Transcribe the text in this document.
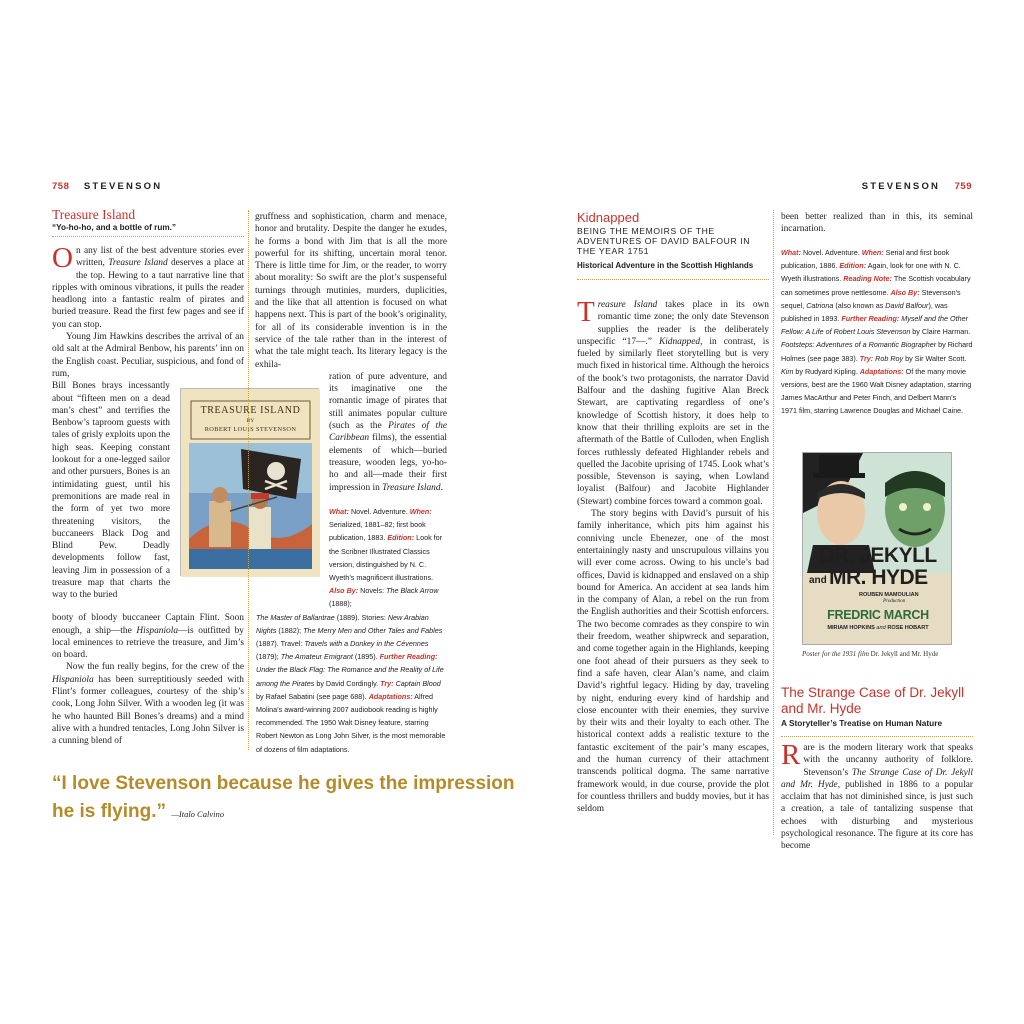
758 STEVENSON	STEVENSON 759
Treasure Island
“Yo-ho-ho, and a bottle of rum.”

On any list of the best adventure stories ever written, Treasure Island deserves a place at the top. Hewing to a taut narrative line that ripples with ominous vibrations, it pulls the reader headlong into a fantastic realm of pirates and buried treasure. Read the first few pages and see if you can stop.

Young Jim Hawkins describes the arrival of an old salt at the Admiral Benbow, his parents’ inn on the English coast. Peculiar, suspicious, and fond of rum,

Bill Bones brays incessantly about “fifteen men on a dead man’s chest” and terrifies the Benbow’s taproom guests with tales of grisly exploits upon the high seas. Keeping constant lookout for a one-legged sailor and other pursuers, Bones is an intimidating guest, until his premonitions are made real in the form of yet two more threatening visitors, the buccaneers Black Dog and Blind Pew. Deadly developments follow fast, leaving Jim in possession of a treasure map that charts the way to the buried

booty of bloody buccaneer Captain Flint. Soon enough, a ship—the Hispaniola—is outfitted by local eminences to retrieve the treasure, and Jim’s on board.

Now the fun really begins, for the crew of the Hispaniola has been surreptitiously seeded with Flint’s former colleagues, courtesy of the ship’s cook, Long John Silver. With a wooden leg (it was he who haunted Bill Bones’s dreams) and a mind alive with a hundred tentacles, Long John Silver is a cunning blend of

TREASURE ISLAND
BY
ROBERT LOUIS STEVENSON

gruffness and sophistication, charm and menace, honor and brutality. Despite the danger he exudes, he forms a bond with Jim that is all the more powerful for its shifting, uncertain moral tenor. There is little time for Jim, or the reader, to worry about morality: So swift are the plot’s suspenseful turnings through mutinies, murders, duplicities, and the like that all attention is focused on what happens next. This is part of the book’s originality, for all of its considerable invention is in the service of the tale rather than in the interest of what the tale might teach. Its literary legacy is the exhila-

ration of pure adventure, and its imaginative one the romantic image of pirates that still animates popular culture (such as the Pirates of the Caribbean films), the essential elements of which—buried treasure, wooden legs, yo-ho-ho and all—made their first impression in Treasure Island.

What: Novel. Adventure. When: Serialized, 1881–82; first book publication, 1883. Edition: Look for the Scribner Illustrated Classics version, distinguished by N. C. Wyeth’s magnificent illustrations. Also By: Novels: The Black Arrow (1888);
The Master of Ballantrae (1889). Stories: New Arabian Nights (1882); The Merry Men and Other Tales and Fables (1887). Travel: Travels with a Donkey in the Cévennes (1879); The Amateur Emigrant (1895). Further Reading: Under the Black Flag: The Romance and the Reality of Life among the Pirates by David Cordingly. Try: Captain Blood by Rafael Sabatini (see page 688). Adaptations: Alfred Molina’s award-winning 2007 audiobook reading is highly recommended. The 1950 Walt Disney feature, starring Robert Newton as Long John Silver, is the most memorable of dozens of film adaptations.
“I love Stevenson because he gives the impression he is flying.” —Italo Calvino
Kidnapped
BEING THE MEMOIRS OF THE ADVENTURES OF DAVID BALFOUR IN THE YEAR 1751
Historical Adventure in the Scottish Highlands

Treasure Island takes place in its own romantic time zone; the only date Stevenson supplies the reader is the deliberately unspecific “17—.” Kidnapped, in contrast, is fueled by similarly fleet storytelling but is very much fixed in historical time. Although the heroics of the book’s two protagonists, the narrator David Balfour and the dashing fugitive Alan Breck Stewart, are captivating regardless of one’s knowledge of Scottish history, it does help to know that their thrilling exploits are set in the aftermath of the Battle of Culloden, when English forces ruthlessly defeated Highlander rebels and quelled the Jacobite uprising of 1745. Look what’s possible, Stevenson is saying, when Lowland loyalist (Balfour) and Jacobite Highlander (Stewart) combine forces toward a common goal.

The story begins with David’s pursuit of his family inheritance, which pits him against his conniving uncle Ebenezer, one of the most entertainingly nasty and unscrupulous villains you will ever come across. Owing to his uncle’s bad offices, David is kidnapped and enslaved on a ship bound for America. An accident at sea lands him in the company of Alan, a rebel on the run from the English authorities and their Scottish enforcers. The two become comrades as they conspire to win their freedom, weather shipwreck and separation, and come together again in the Highlands, keeping one foot ahead of their pursuers as they seek to find a safe haven, clear Alan’s name, and claim David’s rightful legacy. Hiding by day, traveling by night, enduring every kind of hardship and close encounter with their enemies, they survive by their wits and their loyalty to each other. The historical context adds a realistic texture to the fantastic excitement of the pair’s many escapes, and the human currency of their attachment transcends political dogma. The same narrative framework would, in due course, provide the plot for countless thrillers and buddy movies, but it has seldom

been better realized than in this, its seminal incarnation.

What: Novel. Adventure. When: Serial and first book publication, 1886. Edition: Again, look for one with N. C. Wyeth illustrations. Reading Note: The Scottish vocabulary can sometimes prove nettlesome. Also By: Stevenson’s sequel, Catriona (also known as David Balfour), was published in 1893. Further Reading: Myself and the Other Fellow: A Life of Robert Louis Stevenson by Claire Harman. Footsteps: Adventures of a Romantic Biographer by Richard Holmes (see page 383). Try: Rob Roy by Sir Walter Scott. Kim by Rudyard Kipling. Adaptations: Of the many movie versions, best are the 1960 Walt Disney adaptation, starring James MacArthur and Peter Finch, and Delbert Mann’s 1971 film, starring Lawrence Douglas and Michael Caine.
DR. JEKYLL
and MR. HYDE
ROUBEN MAMOULIAN
Production
FREDRIC MARCH
MIRIAM HOPKINS and ROSE HOBART
Poster for the 1931 film Dr. Jekyll and Mr. Hyde
The Strange Case of Dr. Jekyll and Mr. Hyde
A Storyteller’s Treatise on Human Nature

Rare is the modern literary work that speaks with the uncanny authority of folklore. Stevenson’s The Strange Case of Dr. Jekyll and Mr. Hyde, published in 1886 to a popular acclaim that has not diminished since, is just such a creation, a tale of tantalizing suspense that echoes with disturbing and mysterious psychological resonance. The figure at its core has become
